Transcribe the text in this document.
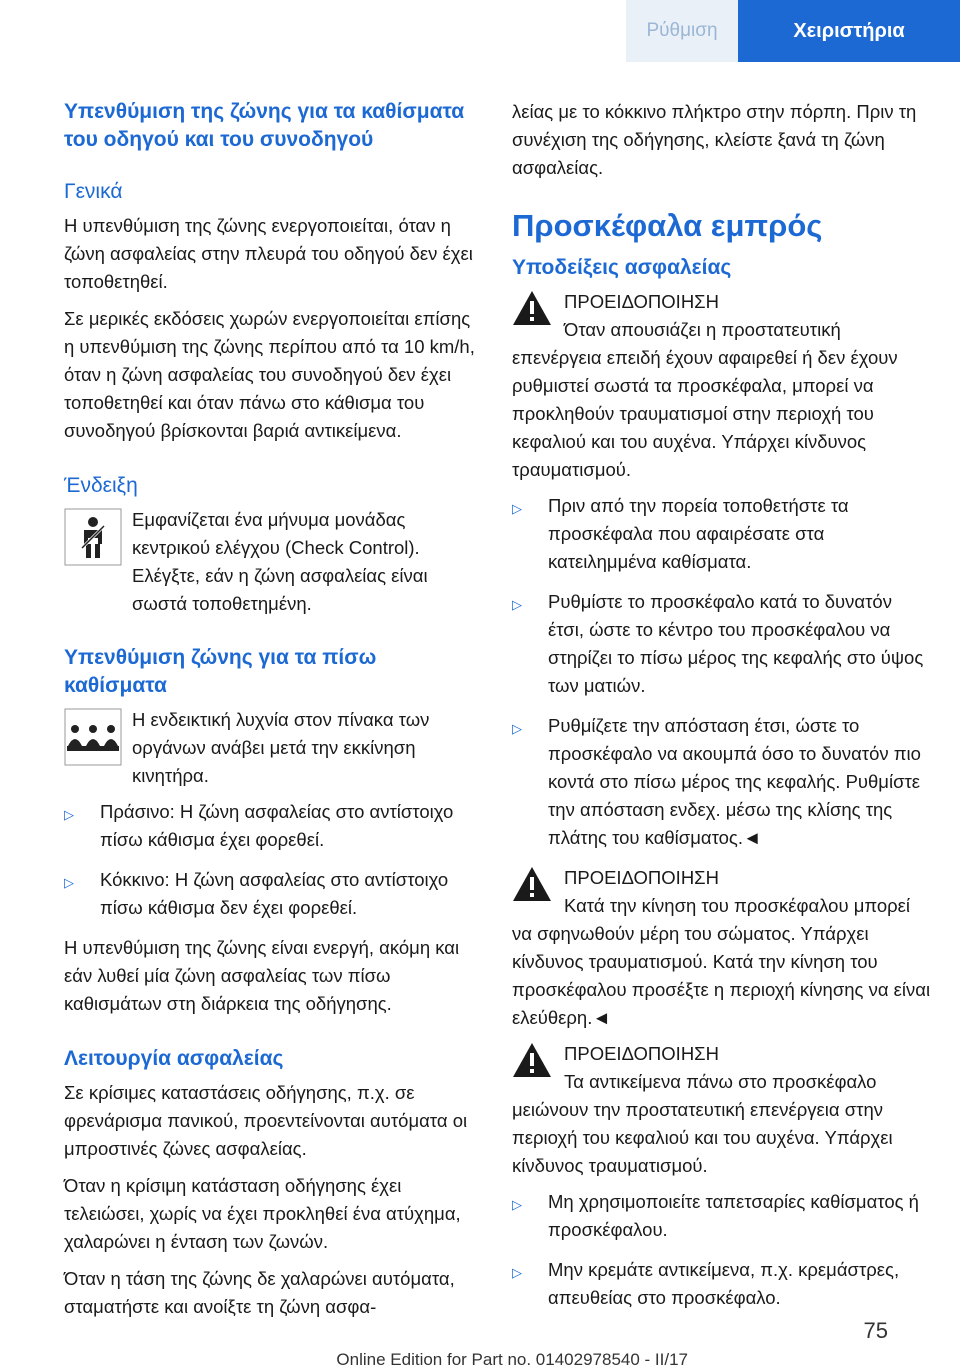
Ρύθμιση	Χειριστήρια
Υπενθύμιση της ζώνης για τα καθίσματα του οδηγού και του συνοδηγού
Γενικά

Η υπενθύμιση της ζώνης ενεργοποιείται, όταν η ζώνη ασφαλείας στην πλευρά του οδηγού δεν έχει τοποθετηθεί.

Σε μερικές εκδόσεις χωρών ενεργοποιείται επίσης η υπενθύμιση της ζώνης περίπου από τα 10 km/h, όταν η ζώνη ασφαλείας του συνοδηγού δεν έχει τοποθετηθεί και όταν πάνω στο κάθισμα του συνοδηγού βρίσκονται βαριά αντικείμενα.

Ένδειξη
Εμφανίζεται ένα μήνυμα μονάδας κεντρικού ελέγχου (Check Control). Ελέγξτε, εάν η ζώνη ασφαλείας είναι σωστά τοποθετημένη.
Υπενθύμιση ζώνης για τα πίσω καθίσματα
Η ενδεικτική λυχνία στον πίνακα των οργάνων ανάβει μετά την εκκίνηση κινητήρα.
▷	Πράσινο: Η ζώνη ασφαλείας στο αντίστοιχο πίσω κάθισμα έχει φορεθεί.
▷	Κόκκινο: Η ζώνη ασφαλείας στο αντίστοιχο πίσω κάθισμα δεν έχει φορεθεί.

Η υπενθύμιση της ζώνης είναι ενεργή, ακόμη και εάν λυθεί μία ζώνη ασφαλείας των πίσω καθισμάτων στη διάρκεια της οδήγησης.

Λειτουργία ασφαλείας

Σε κρίσιμες καταστάσεις οδήγησης, π.χ. σε φρενάρισμα πανικού, προεντείνονται αυτόματα οι μπροστινές ζώνες ασφαλείας.

Όταν η κρίσιμη κατάσταση οδήγησης έχει τελειώσει, χωρίς να έχει προκληθεί ένα ατύχημα, χαλαρώνει η ένταση των ζωνών.

Όταν η τάση της ζώνης δε χαλαρώνει αυτόματα, σταματήστε και ανοίξτε τη ζώνη ασφα-

λείας με το κόκκινο πλήκτρο στην πόρπη. Πριν τη συνέχιση της οδήγησης, κλείστε ξανά τη ζώνη ασφαλείας.

Προσκέφαλα εμπρός
Υποδείξεις ασφαλείας
ΠΡΟΕΙΔΟΠΟΙΗΣΗ

Όταν απουσιάζει η προστατευτική επενέργεια επειδή έχουν αφαιρεθεί ή δεν έχουν ρυθμιστεί σωστά τα προσκέφαλα, μπορεί να προκληθούν τραυματισμοί στην περιοχή του κεφαλιού και του αυχένα. Υπάρχει κίνδυνος τραυματισμού.

▷	Πριν από την πορεία τοποθετήστε τα προσκέφαλα που αφαιρέσατε στα κατειλημμένα καθίσματα.
▷	Ρυθμίστε το προσκέφαλο κατά το δυνατόν έτσι, ώστε το κέντρο του προσκέφαλου να στηρίζει το πίσω μέρος της κεφαλής στο ύψος των ματιών.
▷	Ρυθμίζετε την απόσταση έτσι, ώστε το προσκέφαλο να ακουμπά όσο το δυνατόν πιο κοντά στο πίσω μέρος της κεφαλής. Ρυθμίστε την απόσταση ενδεχ. μέσω της κλίσης της πλάτης του καθίσματος.◄
ΠΡΟΕΙΔΟΠΟΙΗΣΗ

Κατά την κίνηση του προσκέφαλου μπορεί να σφηνωθούν μέρη του σώματος. Υπάρχει κίνδυνος τραυματισμού. Κατά την κίνηση του προσκέφαλου προσέξτε η περιοχή κίνησης να είναι ελεύθερη.◄

ΠΡΟΕΙΔΟΠΟΙΗΣΗ

Τα αντικείμενα πάνω στο προσκέφαλο μειώνουν την προστατευτική επενέργεια στην περιοχή του κεφαλιού και του αυχένα. Υπάρχει κίνδυνος τραυματισμού.

▷	Μη χρησιμοποιείτε ταπετσαρίες καθίσματος ή προσκέφαλου.
▷	Μην κρεμάτε αντικείμενα, π.χ. κρεμάστρες, απευθείας στο προσκέφαλο.
75
Online Edition for Part no. 01402978540 - II/17
